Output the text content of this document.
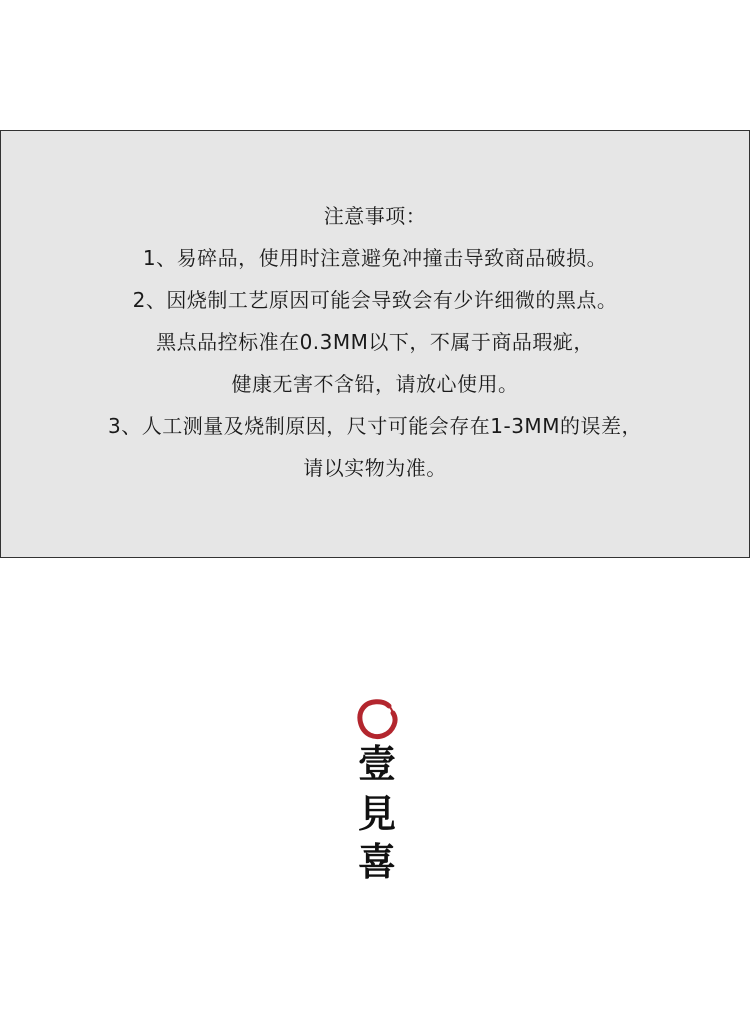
注意事项：
1、易碎品，使用时注意避免冲撞击导致商品破损。
2、因烧制工艺原因可能会导致会有少许细微的黑点。
黑点品控标准在0.3MM以下，不属于商品瑕疵，
健康无害不含铅，请放心使用。
3、人工测量及烧制原因，尺寸可能会存在1-3MM的误差，
请以实物为准。
壹
見
喜
